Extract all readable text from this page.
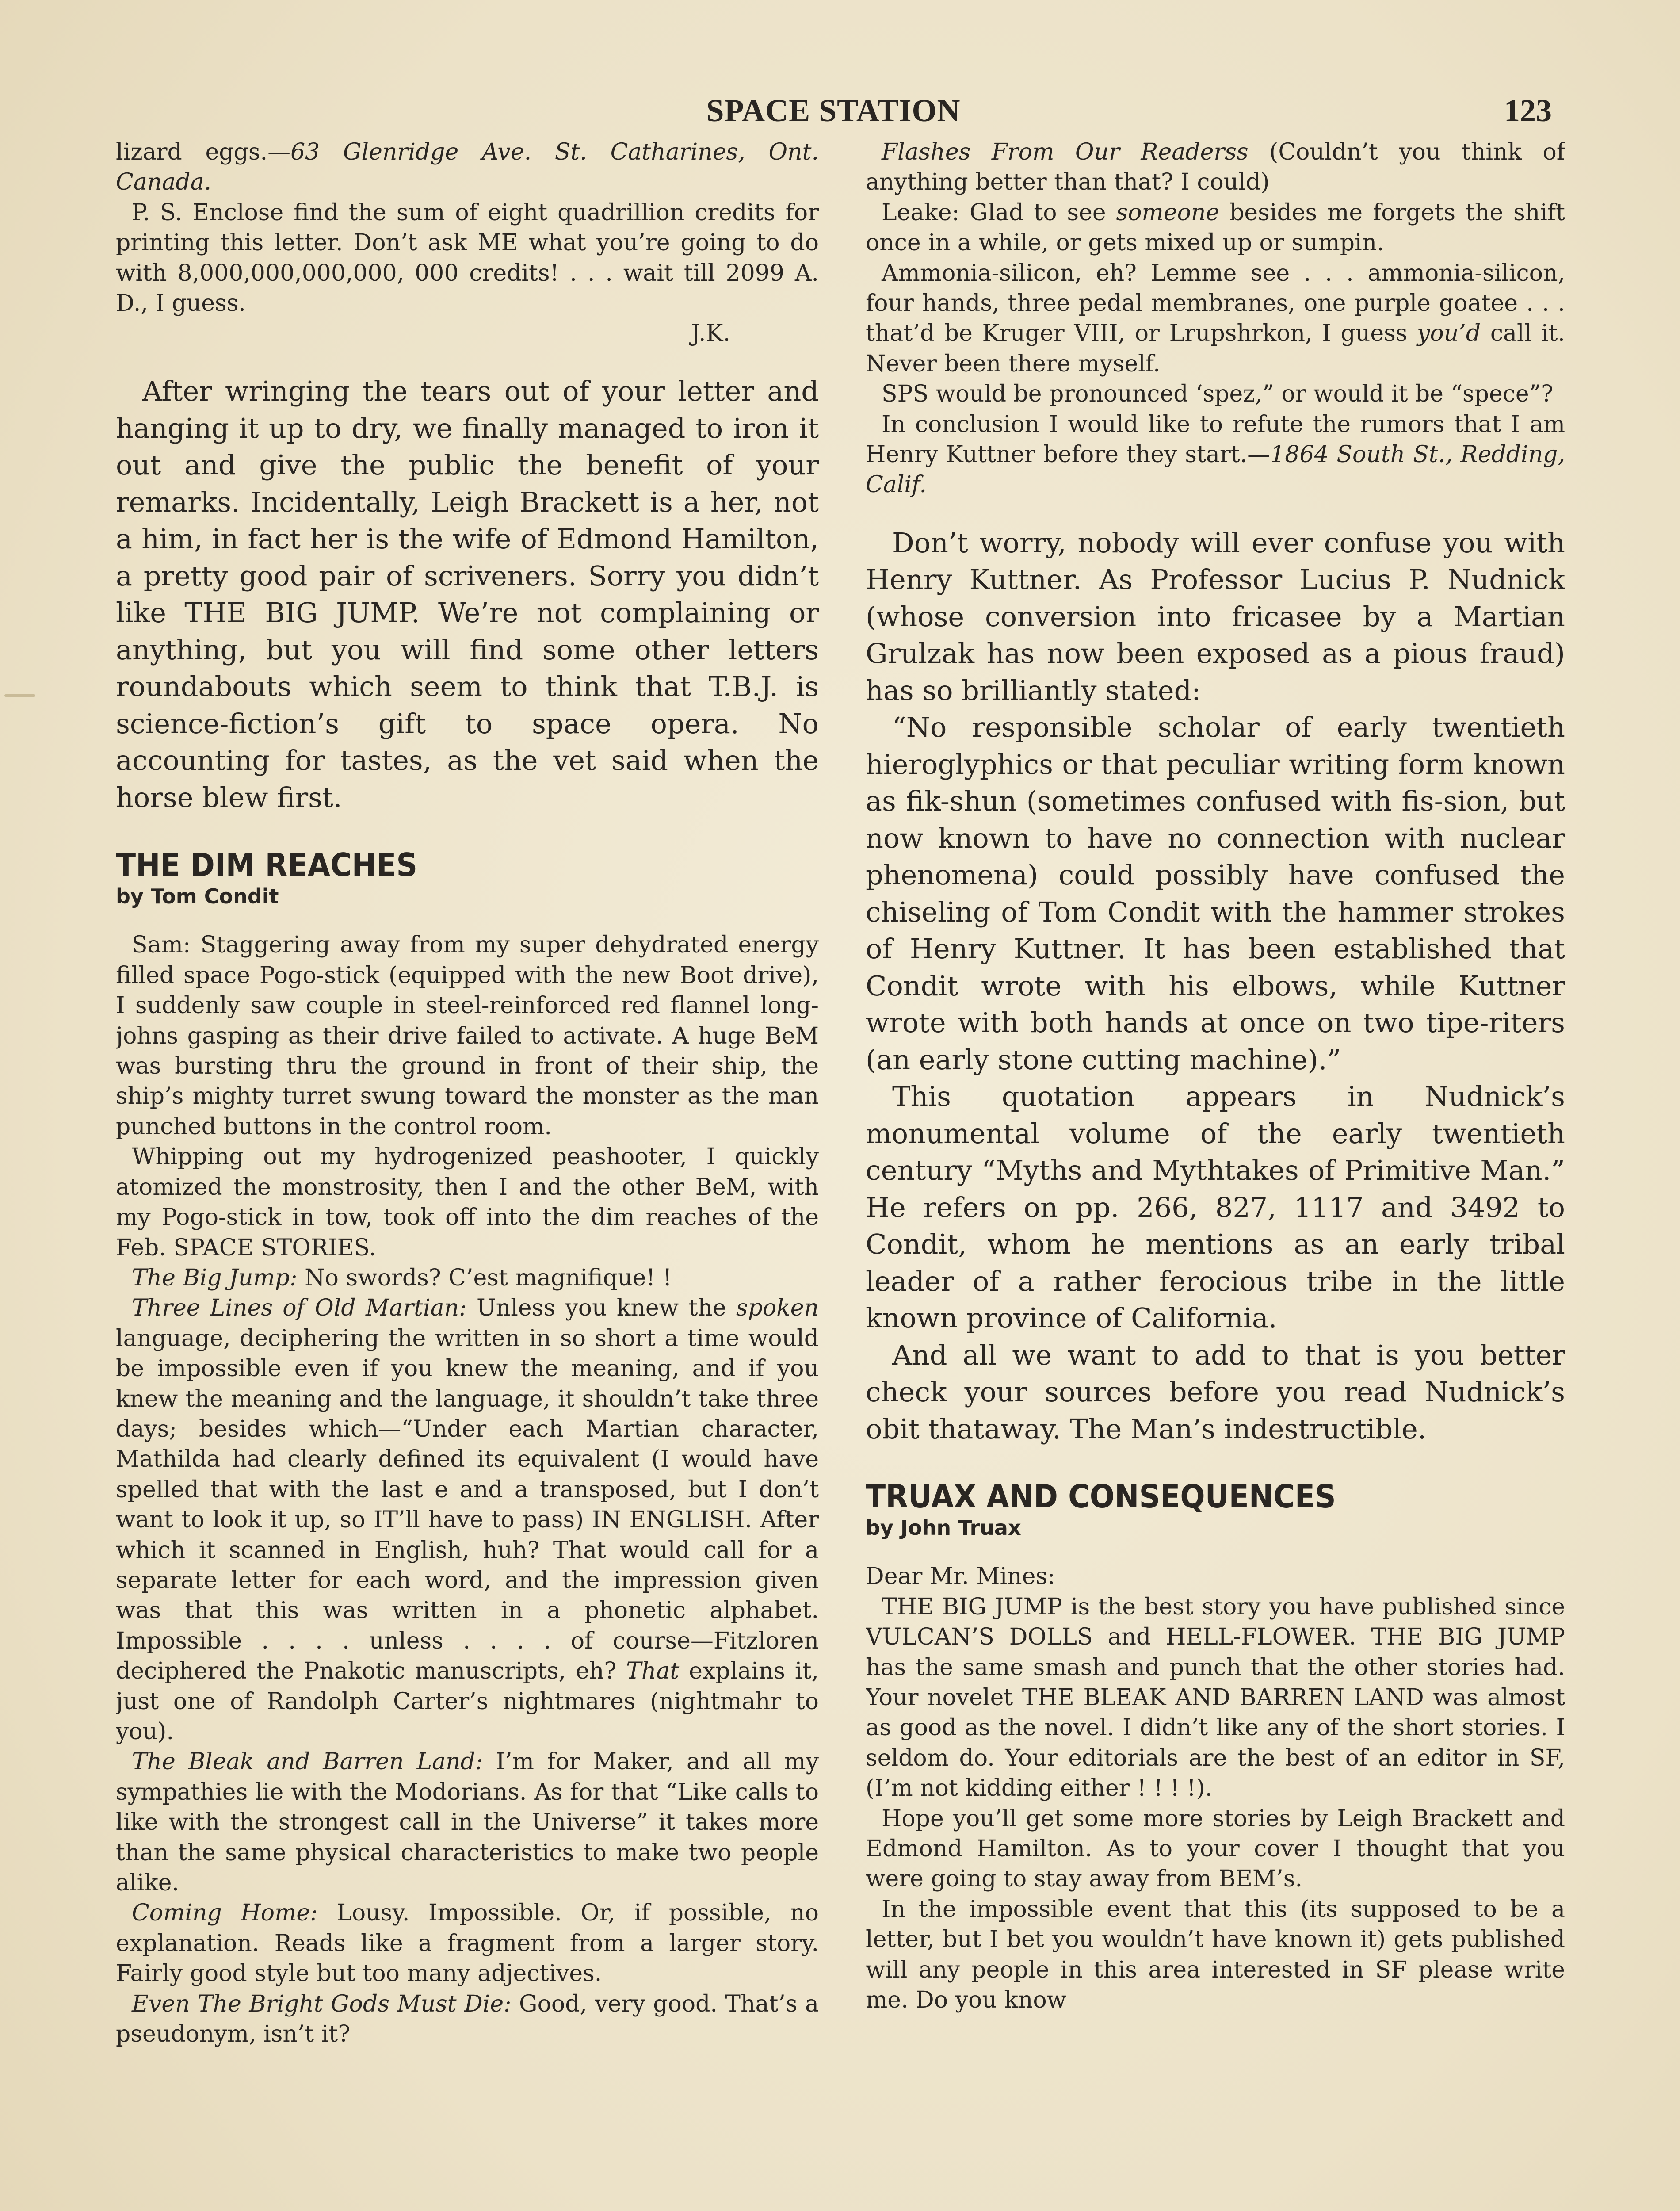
SPACE STATION	123

lizard eggs.—63 Glenridge Ave. St. Catharines, Ont. Canada.

P. S. Enclose find the sum of eight quadrillion credits for printing this letter. Don’t ask ME what you’re going to do with 8,000,000,000,000, 000 credits! . . . wait till 2099 A. D., I guess.

J.K.

After wringing the tears out of your letter and hanging it up to dry, we finally managed to iron it out and give the public the benefit of your remarks. Incidentally, Leigh Brackett is a her, not a him, in fact her is the wife of Edmond Hamilton, a pretty good pair of scriveners. Sorry you didn’t like THE BIG JUMP. We’re not complaining or anything, but you will find some other letters roundabouts which seem to think that T.B.J. is science-fiction’s gift to space opera. No accounting for tastes, as the vet said when the horse blew first.

THE DIM REACHES

by Tom Condit

Sam: Staggering away from my super dehydrated energy filled space Pogo-stick (equipped with the new Boot drive), I suddenly saw couple in steel-reinforced red flannel long-johns gasping as their drive failed to activate. A huge BeM was bursting thru the ground in front of their ship, the ship’s mighty turret swung toward the monster as the man punched buttons in the control room.

Whipping out my hydrogenized peashooter, I quickly atomized the monstrosity, then I and the other BeM, with my Pogo-stick in tow, took off into the dim reaches of the Feb. SPACE STORIES.

The Big Jump: No swords? C’est magnifique! !

Three Lines of Old Martian: Unless you knew the spoken language, deciphering the written in so short a time would be impossible even if you knew the meaning, and if you knew the meaning and the language, it shouldn’t take three days; besides which—“Under each Martian character, Mathilda had clearly defined its equivalent (I would have spelled that with the last e and a transposed, but I don’t want to look it up, so IT’ll have to pass) IN ENGLISH. After which it scanned in English, huh? That would call for a separate letter for each word, and the impression given was that this was written in a phonetic alphabet. Impossible . . . . unless . . . . of course—Fitzloren deciphered the Pnakotic manuscripts, eh? That explains it, just one of Randolph Carter’s nightmares (nightmahr to you).

The Bleak and Barren Land: I’m for Maker, and all my sympathies lie with the Modorians. As for that “Like calls to like with the strongest call in the Universe” it takes more than the same physical characteristics to make two people alike.

Coming Home: Lousy. Impossible. Or, if possible, no explanation. Reads like a fragment from a larger story. Fairly good style but too many adjectives.

Even The Bright Gods Must Die: Good, very good. That’s a pseudonym, isn’t it?

Flashes From Our Readerss (Couldn’t you think of anything better than that? I could)

Leake: Glad to see someone besides me forgets the shift once in a while, or gets mixed up or sumpin.

Ammonia-silicon, eh? Lemme see . . . ammonia-silicon, four hands, three pedal membranes, one purple goatee . . . that’d be Kruger VIII, or Lrupshrkon, I guess you’d call it. Never been there myself.

SPS would be pronounced ‘spez,” or would it be “spece”?

In conclusion I would like to refute the rumors that I am Henry Kuttner before they start.—1864 South St., Redding, Calif.

Don’t worry, nobody will ever confuse you with Henry Kuttner. As Professor Lucius P. Nudnick (whose conversion into fricasee by a Martian Grulzak has now been exposed as a pious fraud) has so brilliantly stated:

“No responsible scholar of early twentieth hieroglyphics or that peculiar writing form known as fik-shun (sometimes confused with fis-sion, but now known to have no connection with nuclear phenomena) could possibly have confused the chiseling of Tom Condit with the hammer strokes of Henry Kuttner. It has been established that Condit wrote with his elbows, while Kuttner wrote with both hands at once on two tipe-riters (an early stone cutting machine).”

This quotation appears in Nudnick’s monumental volume of the early twentieth century “Myths and Mythtakes of Primitive Man.” He refers on pp. 266, 827, 1117 and 3492 to Condit, whom he mentions as an early tribal leader of a rather ferocious tribe in the little known province of California.

And all we want to add to that is you better check your sources before you read Nudnick’s obit thataway. The Man’s indestructible.

TRUAX AND CONSEQUENCES

by John Truax

Dear Mr. Mines:

THE BIG JUMP is the best story you have published since VULCAN’S DOLLS and HELL-FLOWER. THE BIG JUMP has the same smash and punch that the other stories had. Your novelet THE BLEAK AND BARREN LAND was almost as good as the novel. I didn’t like any of the short stories. I seldom do. Your editorials are the best of an editor in SF, (I’m not kidding either ! ! ! !).

Hope you’ll get some more stories by Leigh Brackett and Edmond Hamilton. As to your cover I thought that you were going to stay away from BEM’s.

In the impossible event that this (its supposed to be a letter, but I bet you wouldn’t have known it) gets published will any people in this area interested in SF please write me. Do you know
